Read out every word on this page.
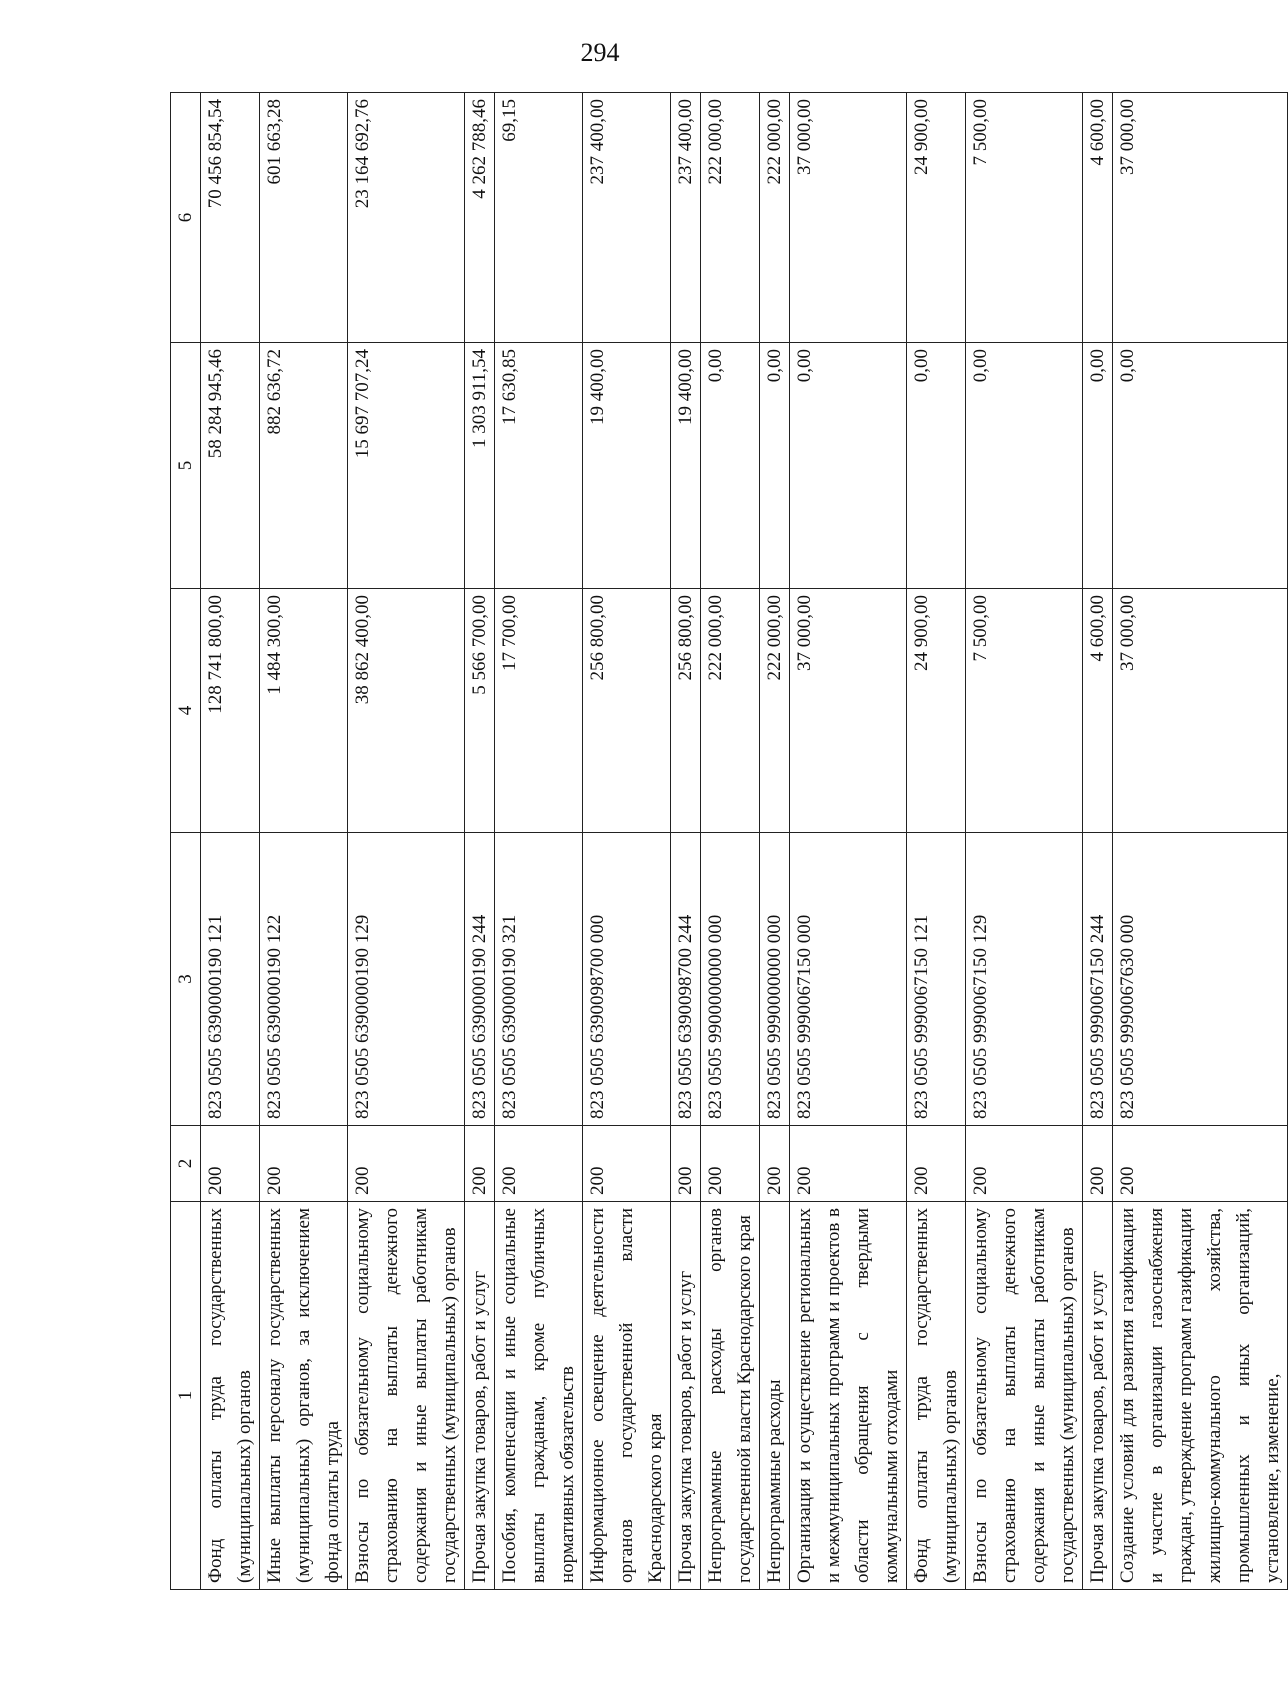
294
1	2	3	4	5	6
Фонд оплаты труда государственных (муниципальных) органов	200	823 0505 6390000190 121	128 741 800,00	58 284 945,46	70 456 854,54
Иные выплаты персоналу государственных (муниципальных) органов, за исключением фонда оплаты труда	200	823 0505 6390000190 122	1 484 300,00	882 636,72	601 663,28
Взносы по обязательному социальному страхованию на выплаты денежного содержания и иные выплаты работникам государственных (муниципальных) органов	200	823 0505 6390000190 129	38 862 400,00	15 697 707,24	23 164 692,76
Прочая закупка товаров, работ и услуг	200	823 0505 6390000190 244	5 566 700,00	1 303 911,54	4 262 788,46
Пособия, компенсации и иные социальные выплаты гражданам, кроме публичных нормативных обязательств	200	823 0505 6390000190 321	17 700,00	17 630,85	69,15
Информационное освещение деятельности органов государственной власти Краснодарского края	200	823 0505 6390098700 000	256 800,00	19 400,00	237 400,00
Прочая закупка товаров, работ и услуг	200	823 0505 6390098700 244	256 800,00	19 400,00	237 400,00
Непрограммные расходы органов государственной власти Краснодарского края	200	823 0505 9900000000 000	222 000,00	0,00	222 000,00
Непрограммные расходы	200	823 0505 9990000000 000	222 000,00	0,00	222 000,00
Организация и осуществление региональных и межмуниципальных программ и проектов в области обращения с твердыми коммунальными отходами	200	823 0505 9990067150 000	37 000,00	0,00	37 000,00
Фонд оплаты труда государственных (муниципальных) органов	200	823 0505 9990067150 121	24 900,00	0,00	24 900,00
Взносы по обязательному социальному страхованию на выплаты денежного содержания и иные выплаты работникам государственных (муниципальных) органов	200	823 0505 9990067150 129	7 500,00	0,00	7 500,00
Прочая закупка товаров, работ и услуг	200	823 0505 9990067150 244	4 600,00	0,00	4 600,00
Создание условий для развития газификации и участие в организации газоснабжения граждан, утверждение программ газификации жилищно-коммунального хозяйства, промышленных и иных организаций, установление, изменение,	200	823 0505 9990067630 000	37 000,00	0,00	37 000,00
